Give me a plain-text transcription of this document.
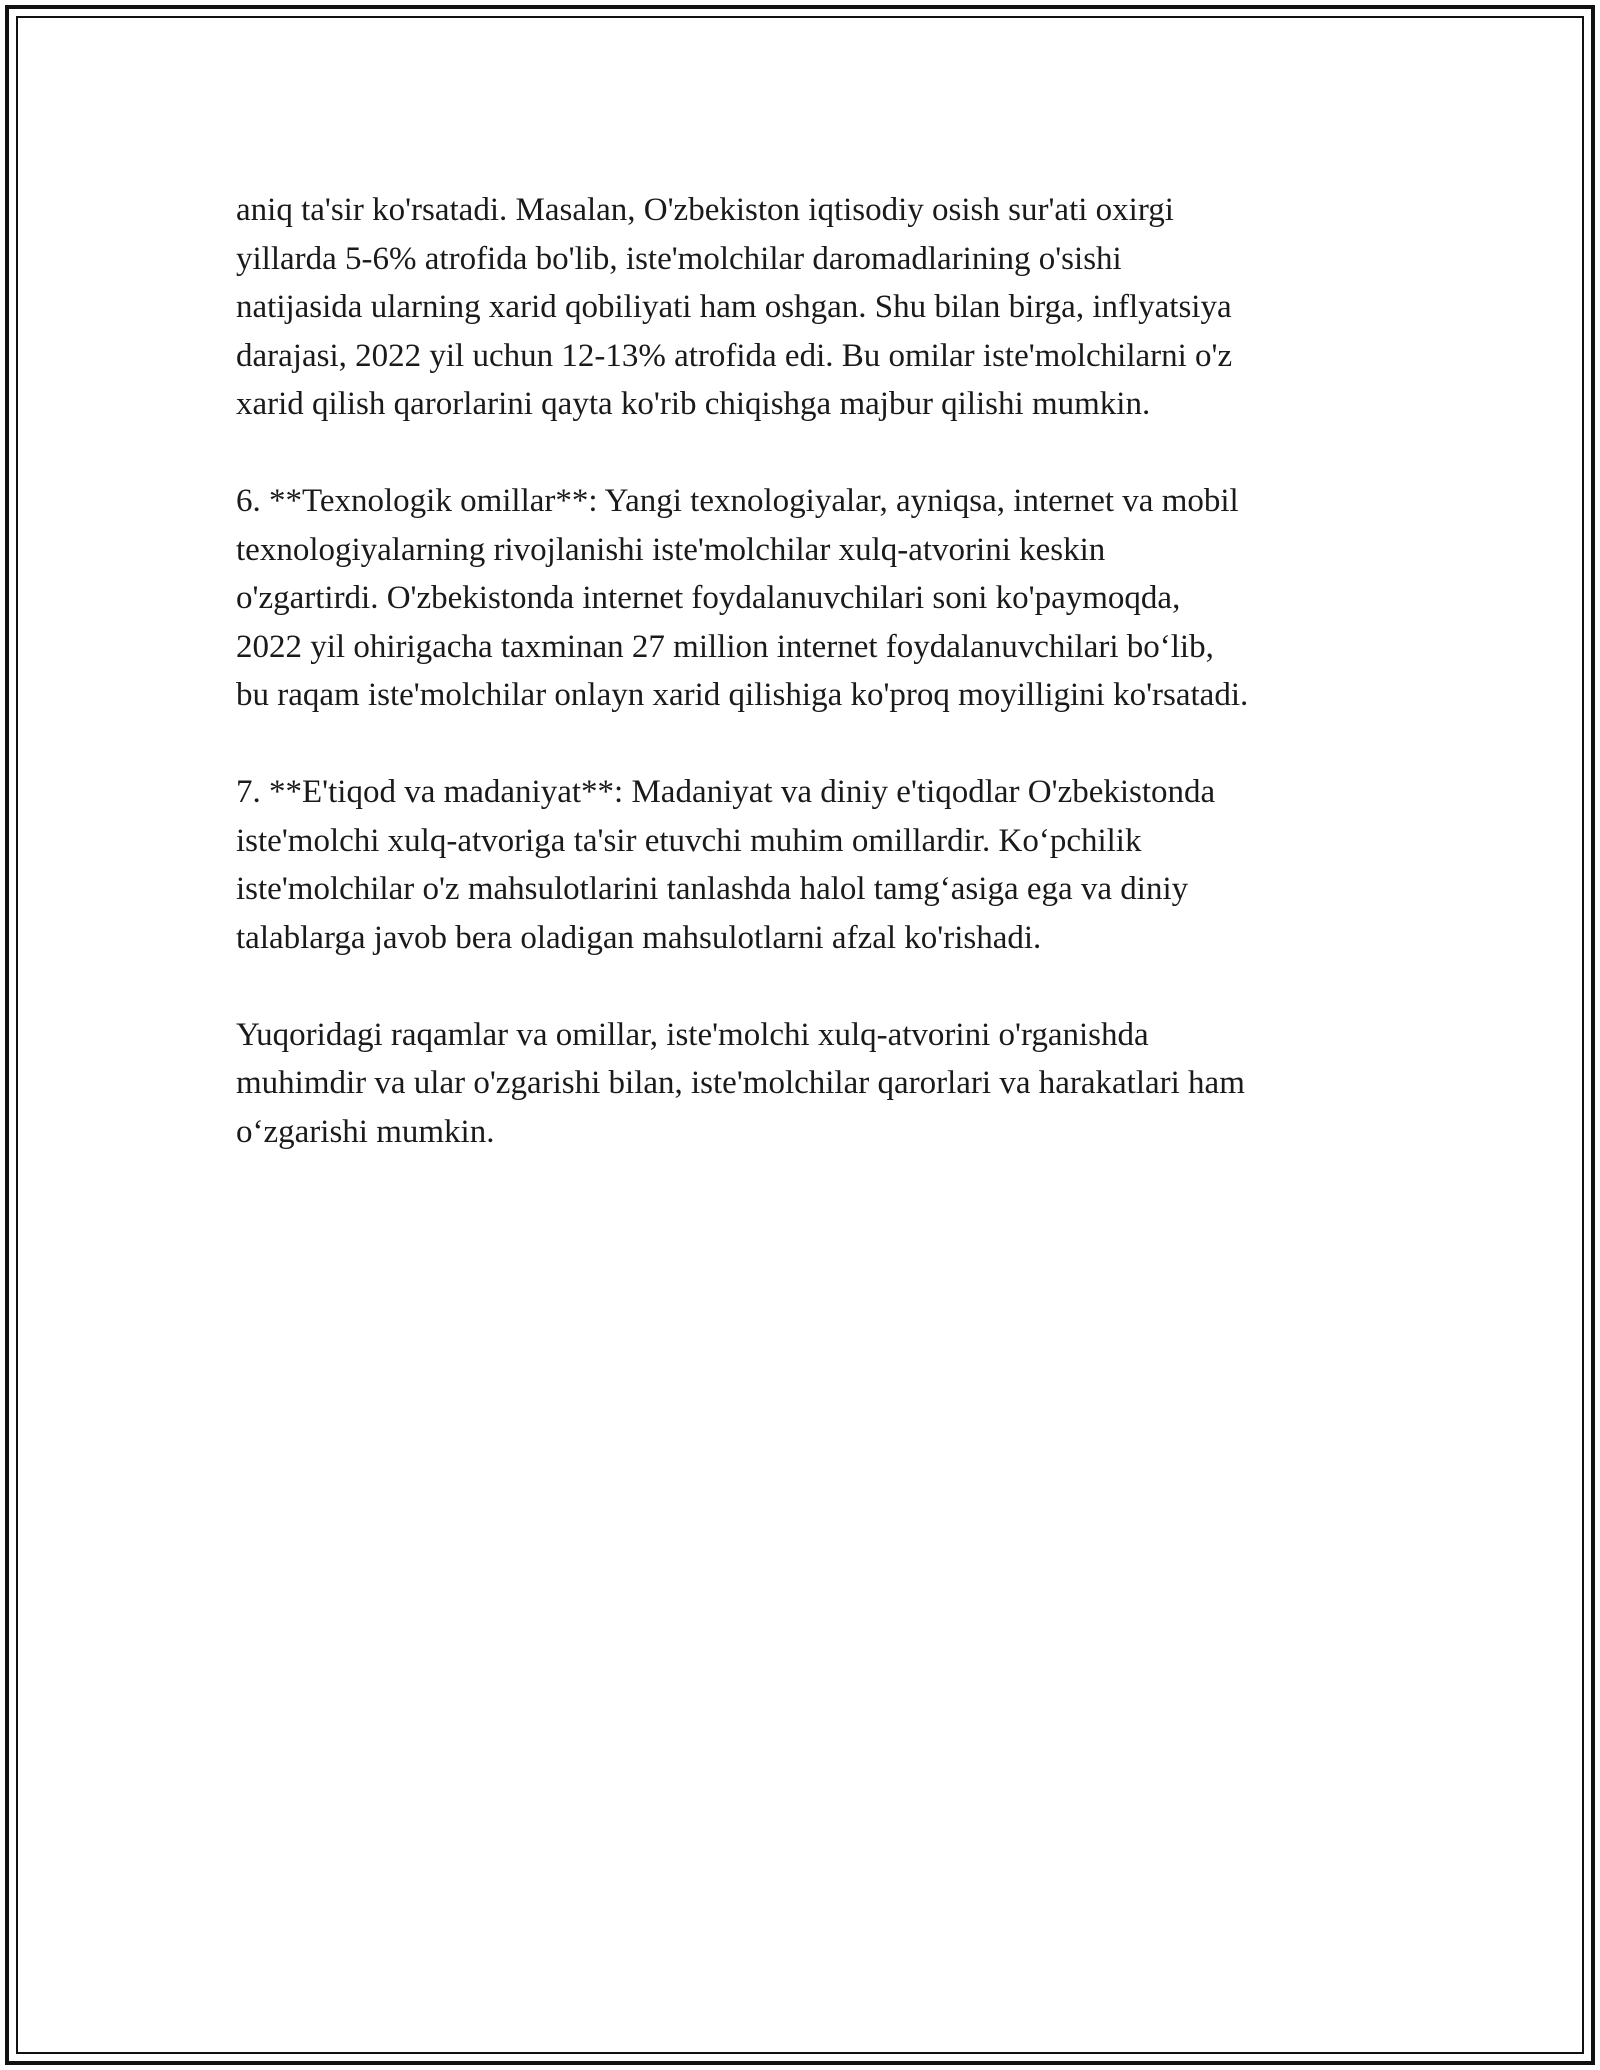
aniq ta'sir ko'rsatadi. Masalan, O'zbekiston iqtisodiy osish sur'ati oxirgi
yillarda 5-6% atrofida bo'lib, iste'molchilar daromadlarining o'sishi
natijasida ularning xarid qobiliyati ham oshgan. Shu bilan birga, inflyatsiya
darajasi, 2022 yil uchun 12-13% atrofida edi. Bu omilar iste'molchilarni o'z
xarid qilish qarorlarini qayta ko'rib chiqishga majbur qilishi mumkin.
6. **Texnologik omillar**: Yangi texnologiyalar, ayniqsa, internet va mobil
texnologiyalarning rivojlanishi iste'molchilar xulq-atvorini keskin
o'zgartirdi. O'zbekistonda internet foydalanuvchilari soni ko'paymoqda,
2022 yil ohirigacha taxminan 27 million internet foydalanuvchilari bo‘lib,
bu raqam iste'molchilar onlayn xarid qilishiga ko'proq moyilligini ko'rsatadi.
7. **E'tiqod va madaniyat**: Madaniyat va diniy e'tiqodlar O'zbekistonda
iste'molchi xulq-atvoriga ta'sir etuvchi muhim omillardir. Ko‘pchilik
iste'molchilar o'z mahsulotlarini tanlashda halol tamg‘asiga ega va diniy
talablarga javob bera oladigan mahsulotlarni afzal ko'rishadi.
Yuqoridagi raqamlar va omillar, iste'molchi xulq-atvorini o'rganishda
muhimdir va ular o'zgarishi bilan, iste'molchilar qarorlari va harakatlari ham
o‘zgarishi mumkin.
